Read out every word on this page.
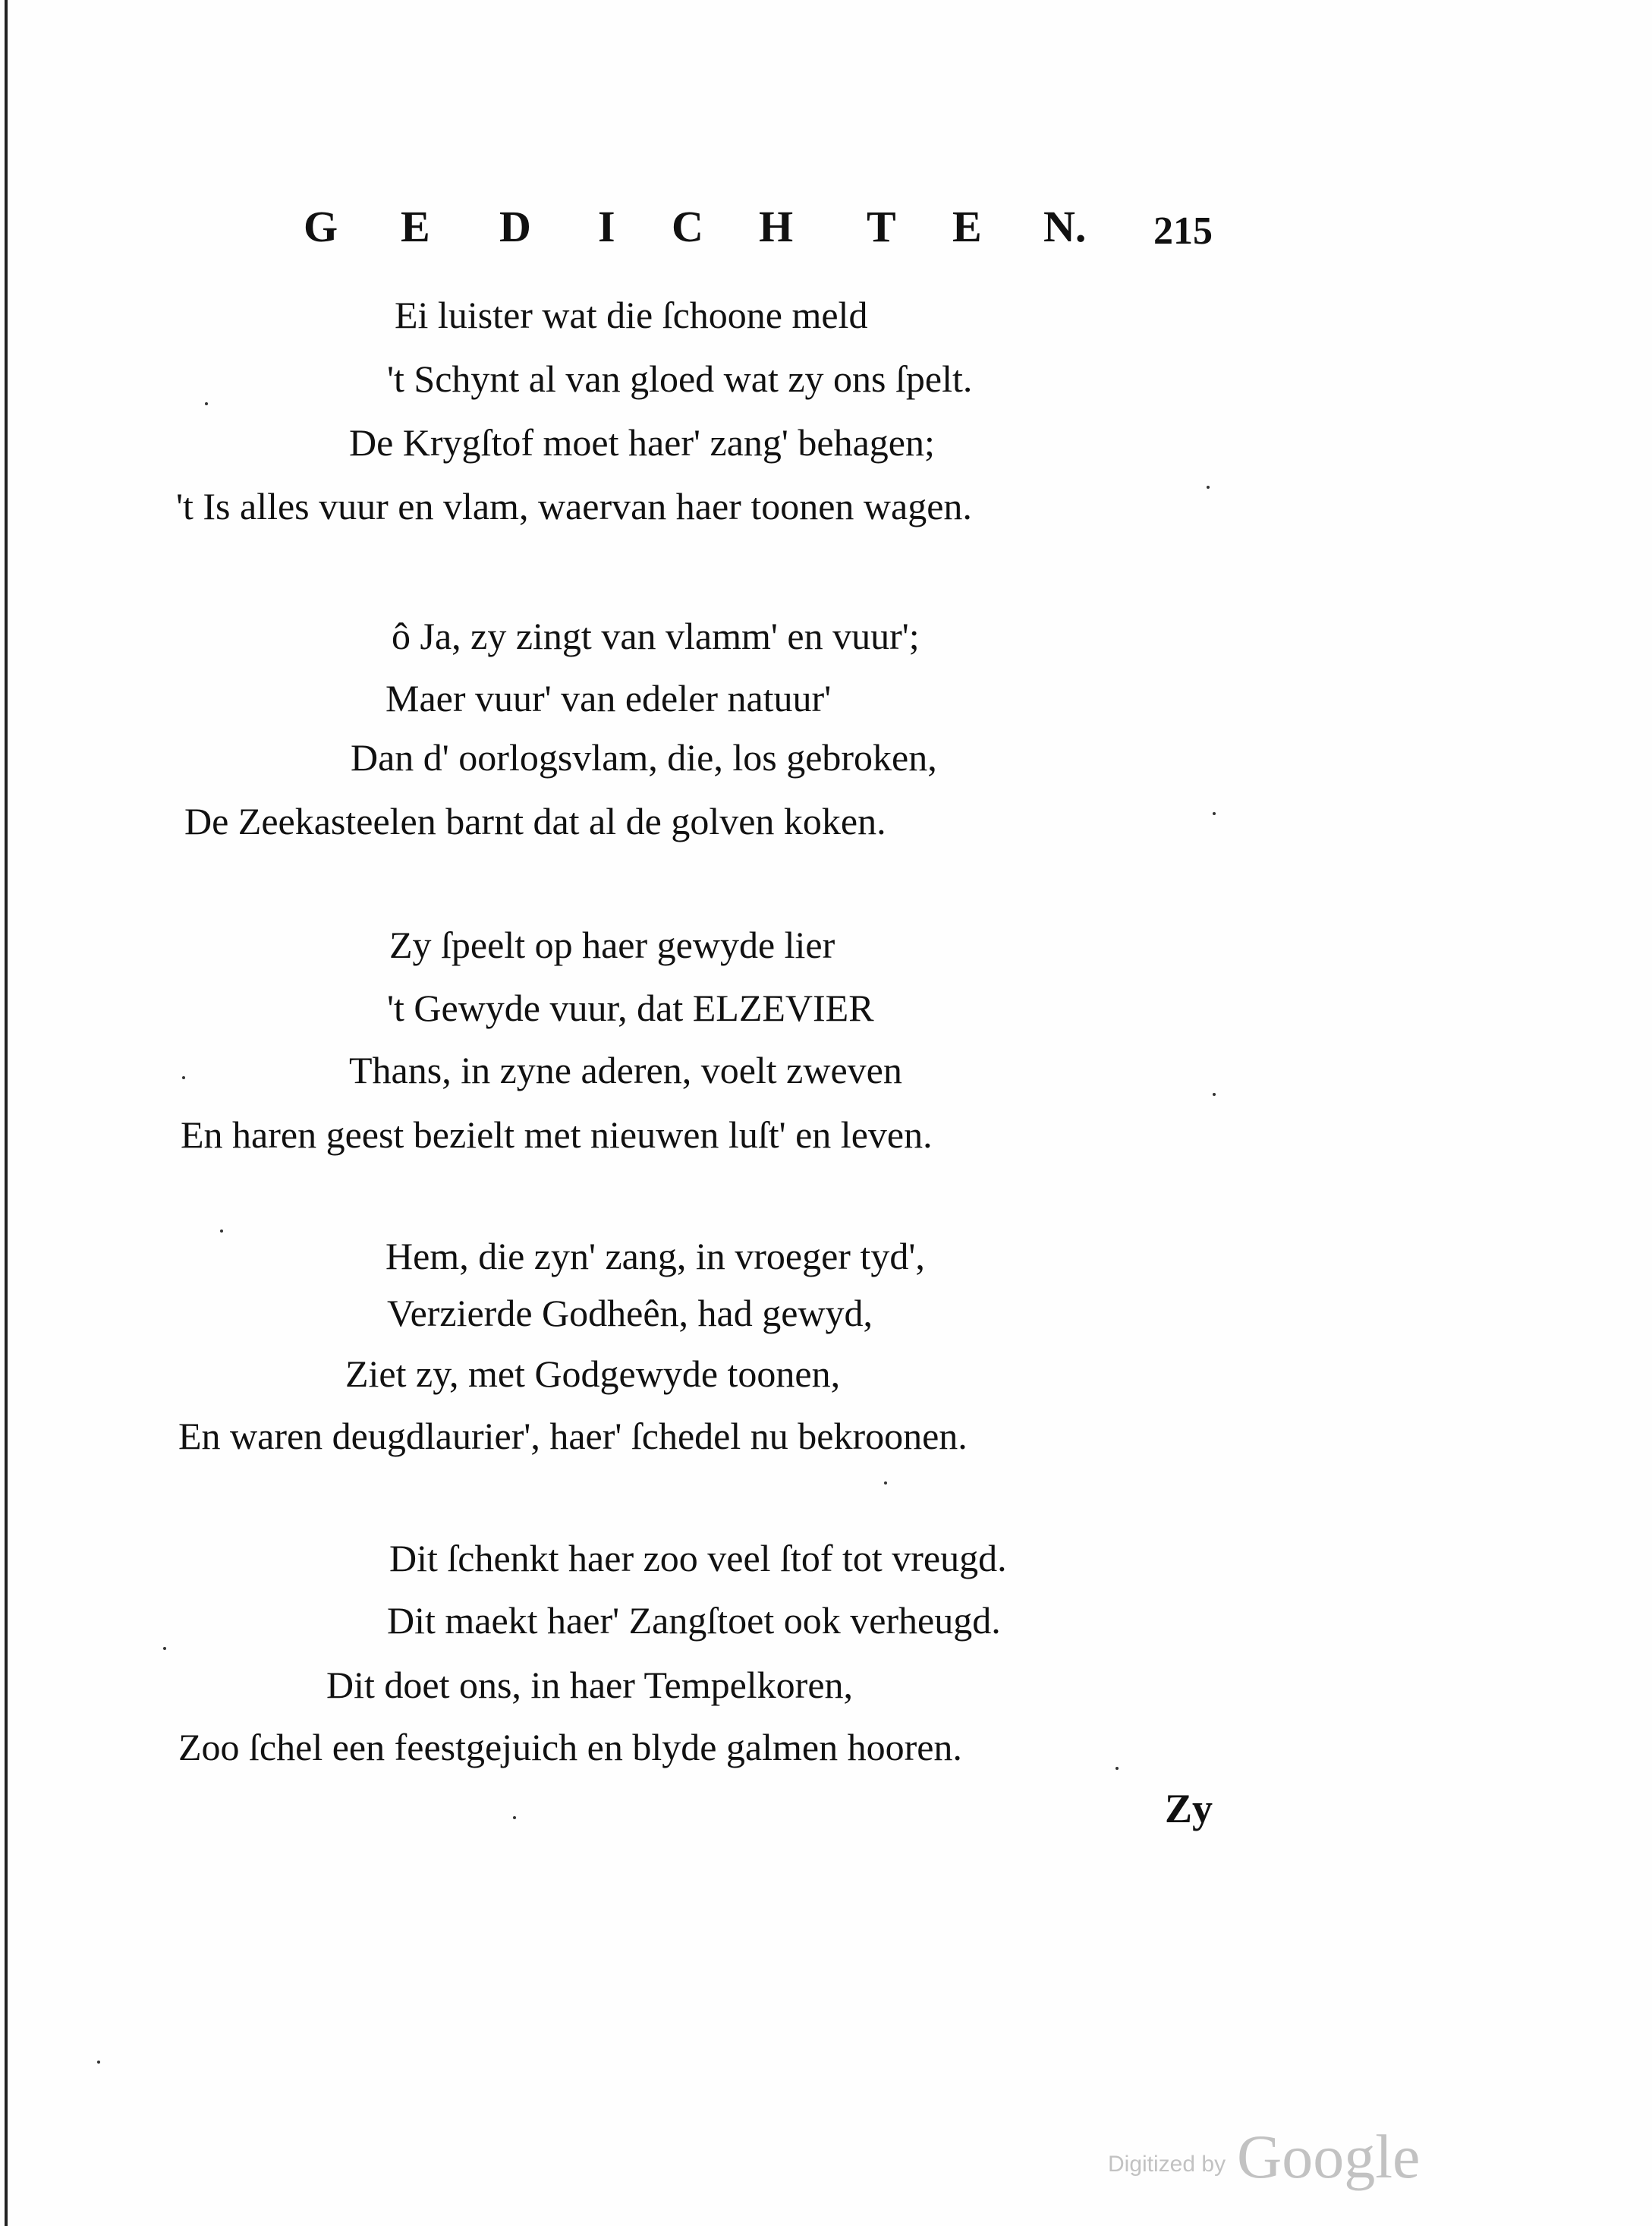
G E D I C H T E N. 215
Ei luister wat die ſchoone meld
't Schynt al van gloed wat zy ons ſpelt.
De Krygſtof moet haer' zang' behagen;
't Is alles vuur en vlam, waervan haer toonen wagen.
ô Ja, zy zingt van vlamm' en vuur';
Maer vuur' van edeler natuur'
Dan d' oorlogsvlam, die, los gebroken,
De Zeekasteelen barnt dat al de golven koken.
Zy ſpeelt op haer gewyde lier
't Gewyde vuur, dat ELZEVIER
Thans, in zyne aderen, voelt zweven
En haren geest bezielt met nieuwen luſt' en leven.
Hem, die zyn' zang, in vroeger tyd',
Verzierde Godheên, had gewyd,
Ziet zy, met Godgewyde toonen,
En waren deugdlaurier', haer' ſchedel nu bekroonen.
Dit ſchenkt haer zoo veel ſtof tot vreugd.
Dit maekt haer' Zangſtoet ook verheugd.
Dit doet ons, in haer Tempelkoren,
Zoo ſchel een feestgejuich en blyde galmen hooren.
Zy
Digitized by Google
